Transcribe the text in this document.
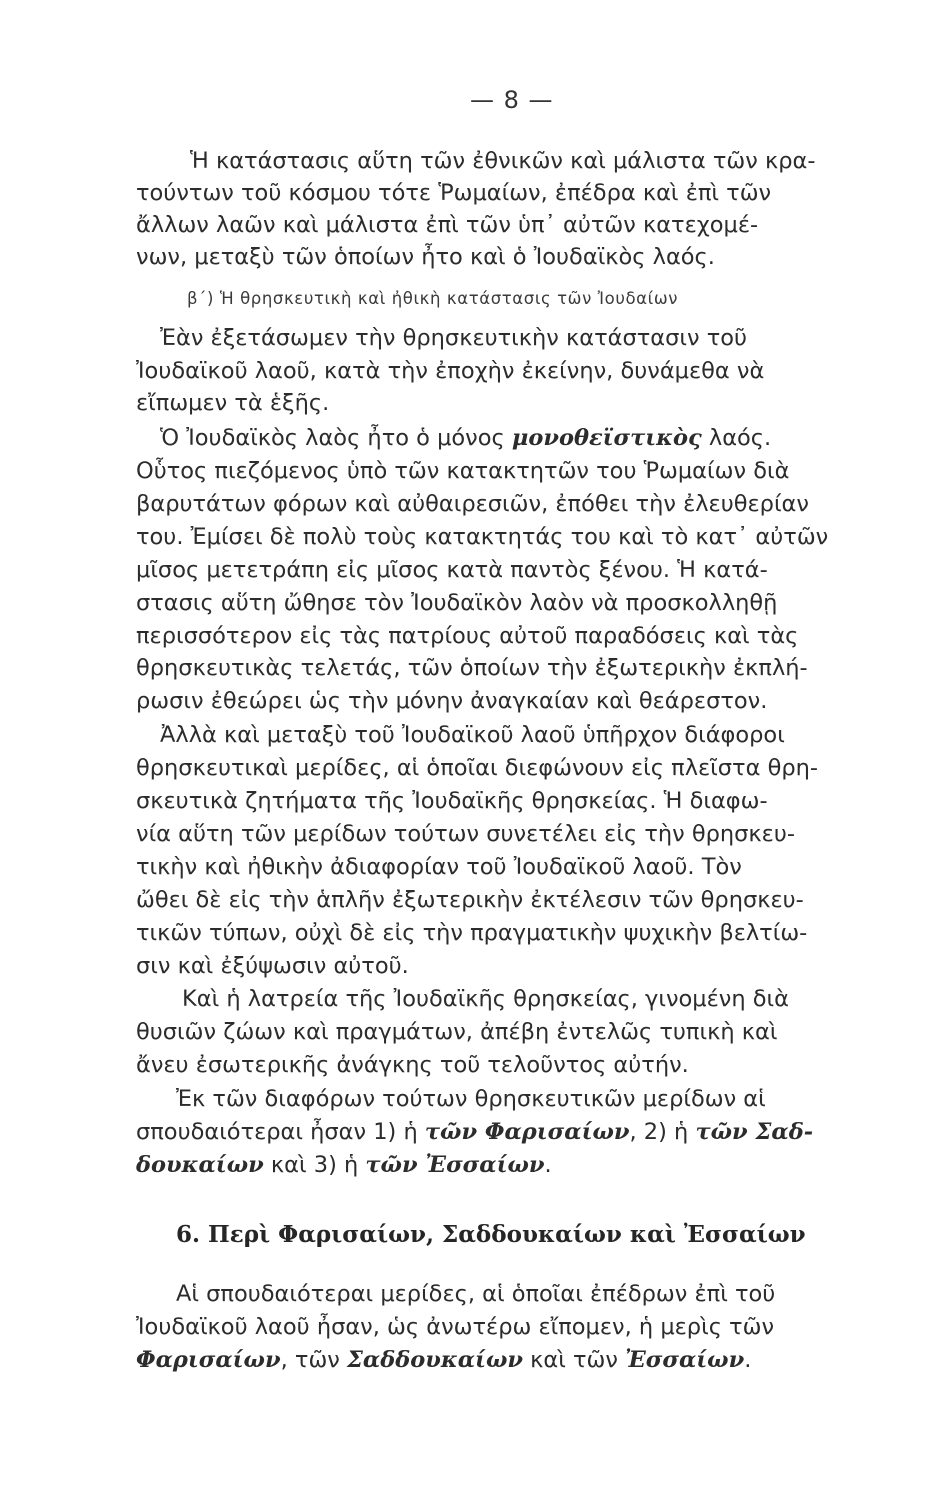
— 8 —
Ἡ κατάστασις αὕτη τῶν ἐθνικῶν καὶ μάλιστα τῶν κρα-
τούντων τοῦ κόσμου τότε Ῥωμαίων, ἐπέδρα καὶ ἐπὶ τῶν
ἄλλων λαῶν καὶ μάλιστα ἐπὶ τῶν ὑπ᾿ αὐτῶν κατεχομέ-
νων, μεταξὺ τῶν ὁποίων ἦτο καὶ ὁ Ἰουδαϊκὸς λαός.
β΄) Ἡ θρησκευτικὴ καὶ ἠθικὴ κατάστασις τῶν Ἰουδαίων
Ἐὰν ἐξετάσωμεν τὴν θρησκευτικὴν κατάστασιν τοῦ
Ἰουδαϊκοῦ λαοῦ, κατὰ τὴν ἐποχὴν ἐκείνην, δυνάμεθα νὰ
εἴπωμεν τὰ ἑξῆς.
Ὁ Ἰουδαϊκὸς λαὸς ἦτο ὁ μόνος μονοθεϊστικὸς λαός.
Οὗτος πιεζόμενος ὑπὸ τῶν κατακτητῶν του Ῥωμαίων διὰ
βαρυτάτων φόρων καὶ αὐθαιρεσιῶν, ἐπόθει τὴν ἐλευθερίαν
του. Ἐμίσει δὲ πολὺ τοὺς κατακτητάς του καὶ τὸ κατ᾿ αὐτῶν
μῖσος μετετράπη εἰς μῖσος κατὰ παντὸς ξένου. Ἡ κατά-
στασις αὕτη ὤθησε τὸν Ἰουδαϊκὸν λαὸν νὰ προσκολληθῇ
περισσότερον εἰς τὰς πατρίους αὐτοῦ παραδόσεις καὶ τὰς
θρησκευτικὰς τελετάς, τῶν ὁποίων τὴν ἐξωτερικὴν ἐκπλή-
ρωσιν ἐθεώρει ὡς τὴν μόνην ἀναγκαίαν καὶ θεάρεστον.
Ἀλλὰ καὶ μεταξὺ τοῦ Ἰουδαϊκοῦ λαοῦ ὑπῆρχον διάφοροι
θρησκευτικαὶ μερίδες, αἱ ὁποῖαι διεφώνουν εἰς πλεῖστα θρη-
σκευτικὰ ζητήματα τῆς Ἰουδαϊκῆς θρησκείας. Ἡ διαφω-
νία αὕτη τῶν μερίδων τούτων συνετέλει εἰς τὴν θρησκευ-
τικὴν καὶ ἠθικὴν ἀδιαφορίαν τοῦ Ἰουδαϊκοῦ λαοῦ. Τὸν
ὤθει δὲ εἰς τὴν ἁπλῆν ἐξωτερικὴν ἐκτέλεσιν τῶν θρησκευ-
τικῶν τύπων, οὐχὶ δὲ εἰς τὴν πραγματικὴν ψυχικὴν βελτίω-
σιν καὶ ἐξύψωσιν αὐτοῦ.
Καὶ ἡ λατρεία τῆς Ἰουδαϊκῆς θρησκείας, γινομένη διὰ
θυσιῶν ζώων καὶ πραγμάτων, ἀπέβη ἐντελῶς τυπικὴ καὶ
ἄνευ ἐσωτερικῆς ἀνάγκης τοῦ τελοῦντος αὐτήν.
Ἐκ τῶν διαφόρων τούτων θρησκευτικῶν μερίδων αἱ
σπουδαιότεραι ἦσαν 1) ἡ τῶν Φαρισαίων, 2) ἡ τῶν Σαδ-
δουκαίων καὶ 3) ἡ τῶν Ἐσσαίων.
6. Περὶ Φαρισαίων, Σαδδουκαίων καὶ Ἐσσαίων
Αἱ σπουδαιότεραι μερίδες, αἱ ὁποῖαι ἐπέδρων ἐπὶ τοῦ
Ἰουδαϊκοῦ λαοῦ ἦσαν, ὡς ἀνωτέρω εἴπομεν, ἡ μερὶς τῶν
Φαρισαίων, τῶν Σαδδουκαίων καὶ τῶν Ἐσσαίων.
